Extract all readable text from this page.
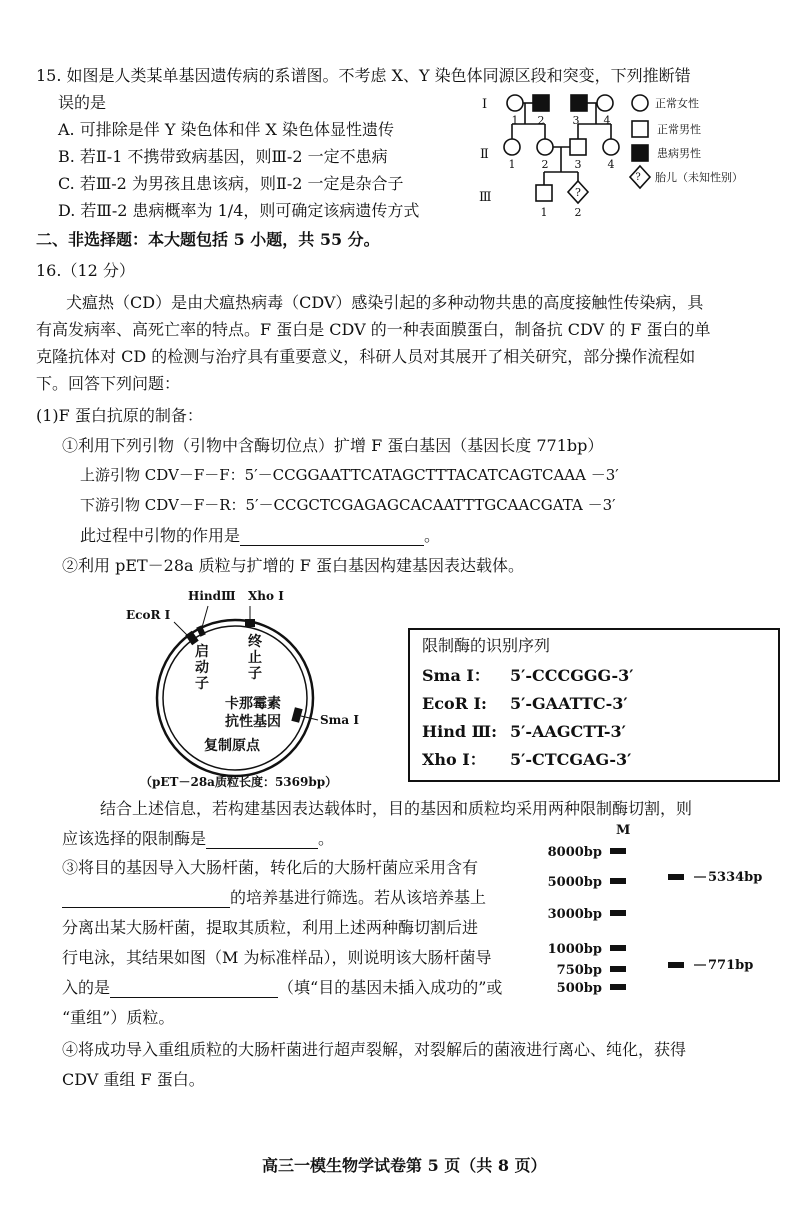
15. 如图是人类某单基因遗传病的系谱图。不考虑 X、Y 染色体同源区段和突变，下列推断错
误的是
A. 可排除是伴 Y 染色体和伴 X 染色体显性遗传
B. 若Ⅱ-1 不携带致病基因，则Ⅲ-2 一定不患病
C. 若Ⅲ-2 为男孩且患该病，则Ⅱ-2 一定是杂合子
D. 若Ⅲ-2 患病概率为 1/4，则可确定该病遗传方式
Ⅰ
Ⅱ
Ⅲ
1 2	3 4
1 2 3 4
1 2
?
正常女性
正常男性
患病男性
胎儿（未知性别）
?
二、非选择题：本大题包括 5 小题，共 55 分。
16.（12 分）
犬瘟热（CD）是由犬瘟热病毒（CDV）感染引起的多种动物共患的高度接触性传染病，具
有高发病率、高死亡率的特点。F 蛋白是 CDV 的一种表面膜蛋白，制备抗 CDV 的 F 蛋白的单
克隆抗体对 CD 的检测与治疗具有重要意义，科研人员对其展开了相关研究，部分操作流程如
下。回答下列问题：
(1)F 蛋白抗原的制备：
①利用下列引物（引物中含酶切位点）扩增 F 蛋白基因（基因长度 771bp）
上游引物 CDV－F－F：5′－CCGGAATTCATAGCTTTACATCAGTCAAA －3′
下游引物 CDV－F－R：5′－CCGCTCGAGAGCACAATTTGCAACGATA －3′
此过程中引物的作用是	。
②利用 pET－28a 质粒与扩增的 F 蛋白基因构建基因表达载体。
EcoR Ⅰ
HindⅢ Xho Ⅰ
Sma Ⅰ
启
动
子
终
止
子
卡那霉素
抗性基因
复制原点
（pET－28a质粒长度：5369bp）
限制酶的识别序列
Sma Ⅰ： 5′-CCCGGG-3′
EcoR Ⅰ: 5′-GAATTC-3′
Hind Ⅲ: 5′-AAGCTT-3′
Xho Ⅰ： 5′-CTCGAG-3′
结合上述信息，若构建基因表达载体时，目的基因和质粒均采用两种限制酶切割，则
应该选择的限制酶是	。
③将目的基因导入大肠杆菌，转化后的大肠杆菌应采用含有
的培养基进行筛选。若从该培养基上
分离出某大肠杆菌，提取其质粒，利用上述两种酶切割后进
行电泳，其结果如图（M 为标准样品），则说明该大肠杆菌导
入的是	（填“目的基因未插入成功的”或
“重组”）质粒。
M
8000bp
5000bp
3000bp
1000bp
750bp
500bp
5334bp
771bp
④将成功导入重组质粒的大肠杆菌进行超声裂解，对裂解后的菌液进行离心、纯化，获得
CDV 重组 F 蛋白。
高三一模生物学试卷第 5 页（共 8 页）
